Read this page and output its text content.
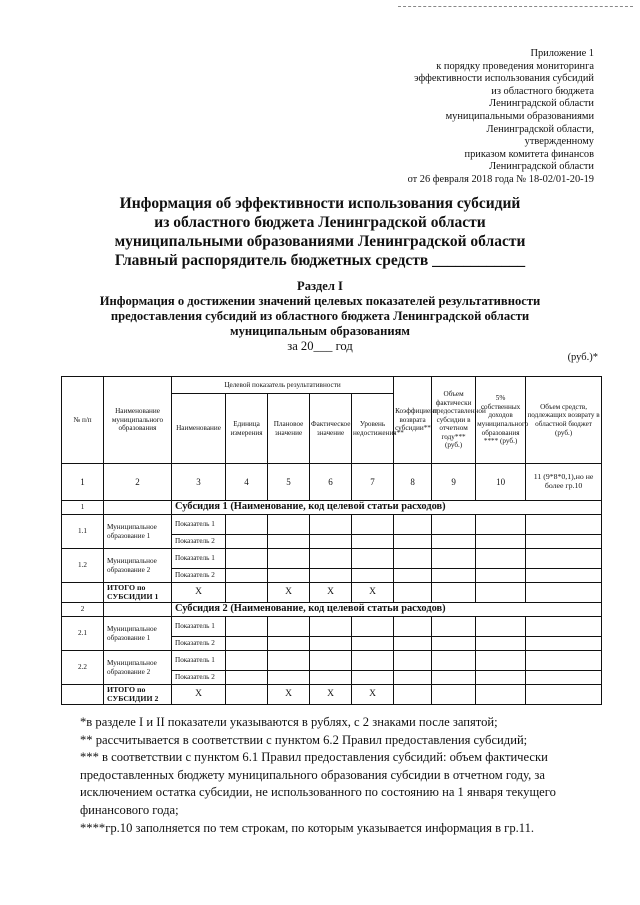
Приложение 1
к порядку проведения мониторинга
эффективности использования субсидий
из областного бюджета
Ленинградской области
муниципальными образованиями
Ленинградской области,
утвержденному
приказом комитета финансов
Ленинградской области
от 26 февраля 2018 года № 18-02/01-20-19
Информация об эффективности использования субсидий
из областного бюджета Ленинградской области
муниципальными образованиями Ленинградской области
Главный распорядитель бюджетных средств ____________
Раздел I
Информация о достижении значений целевых показателей результативности
предоставления субсидий из областного бюджета Ленинградской области
муниципальным образованиям
за 20___ год
(руб.)*
№ п/п	Наименование муниципального образования	Целевой показатель результативности					Коэффициент возврата субсидии**	Объем фактически предоставленной субсидии в отчетном году*** (руб.)	5% собственных доходов муниципального образования **** (руб.)	Объем средств, подлежащих возврату в областной бюджет (руб.)
		Наименование	Единица измерения	Плановое значение	Фактическое значение	Уровень недостижения**				
1	2	3	4	5	6	7	8	9	10	11 (9*8*0,1),но не более гр.10
1		Субсидия 1 (Наименование, код целевой статьи расходов)								
1.1	Муниципальное образование 1	Показатель 1								
		Показатель 2								
1.2	Муниципальное образование 2	Показатель 1								
		Показатель 2								
	ИТОГО по СУБСИДИИ 1	Х		Х	Х	Х				
2		Субсидия 2 (Наименование, код целевой статьи расходов)								
2.1	Муниципальное образование 1	Показатель 1								
		Показатель 2								
2.2	Муниципальное образование 2	Показатель 1								
		Показатель 2								
	ИТОГО по СУБСИДИИ 2	Х		Х	Х	Х				
*в разделе I и II показатели указываются в рублях, с 2 знаками после запятой;
** рассчитывается в соответствии с пунктом 6.2 Правил предоставления субсидий;
*** в соответствии с пунктом 6.1 Правил предоставления субсидий: объем фактически предоставленных бюджету муниципального образования субсидии в отчетном году, за исключением остатка субсидии, не использованного по состоянию на 1 января текущего финансового года;
****гр.10 заполняется по тем строкам, по которым указывается информация в гр.11.
